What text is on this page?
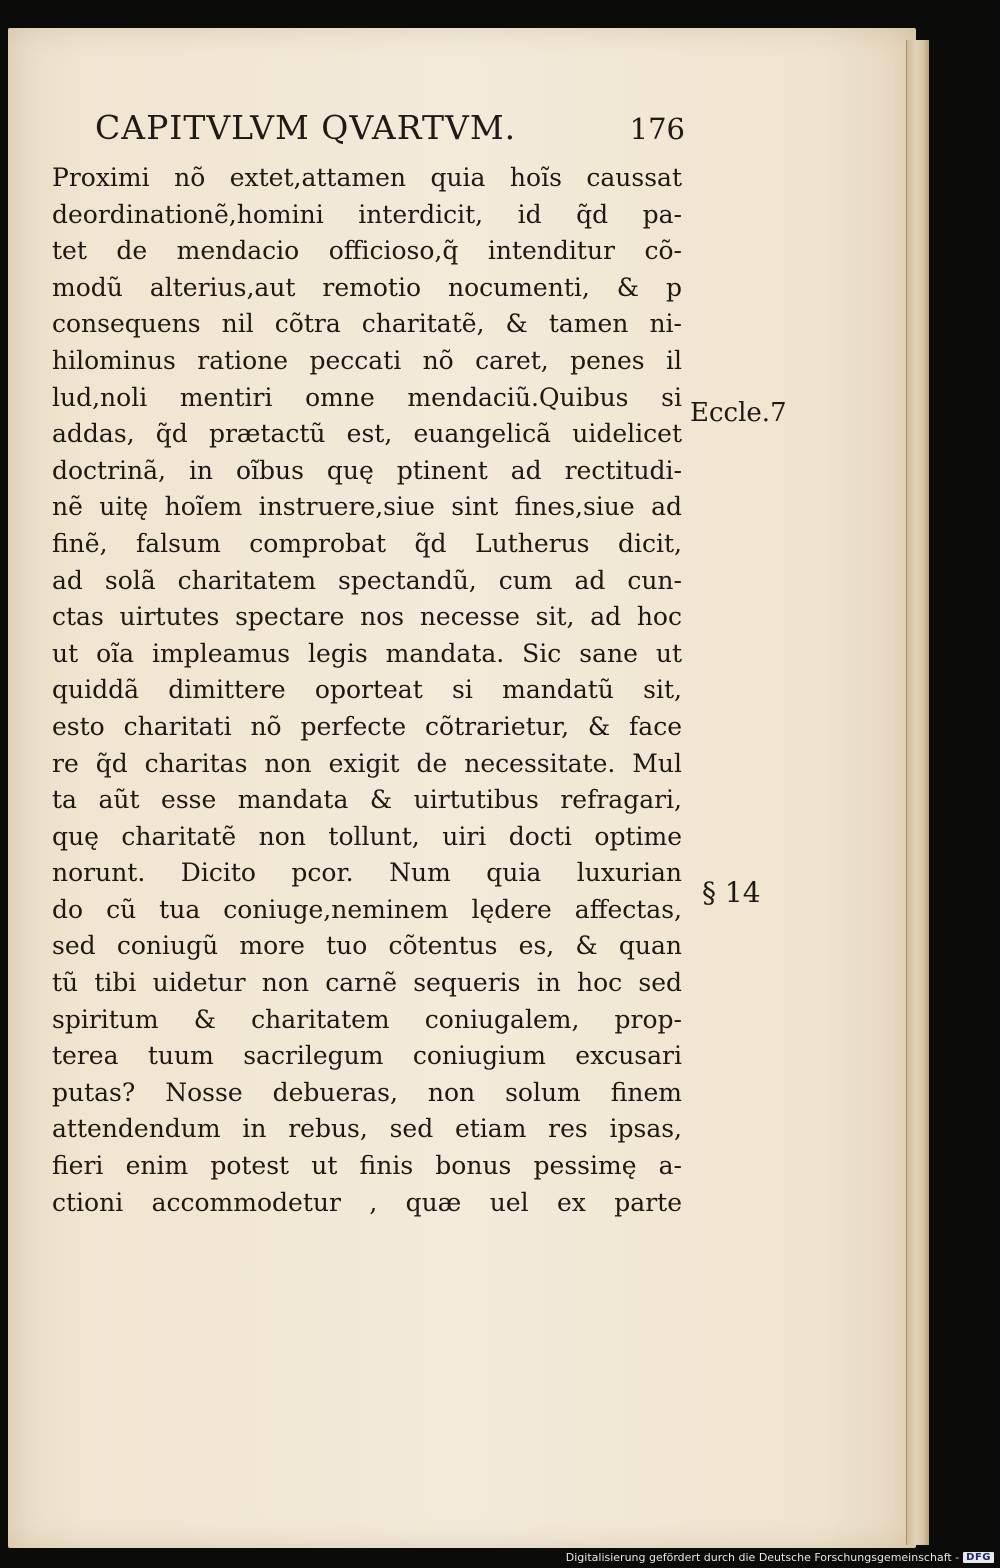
CAPITVLVM QVARTVM.	176
Proximi nõ extet,attamen quia hoĩs caussat
deordinationẽ,homini interdicit, id q̃d pa-
tet de mendacio officioso,q̃ intenditur cõ-
modũ alterius,aut remotio nocumenti, & p
consequens nil cõtra charitatẽ, & tamen ni-
hilominus ratione peccati nõ caret, penes il
lud,noli mentiri omne mendaciũ.Quibus si
addas, q̃d prætactũ est, euangelicã uidelicet
doctrinã, in oĩbus quę ptinent ad rectitudi-
nẽ uitę hoĩem instruere,siue sint fines,siue ad
finẽ, falsum comprobat q̃d Lutherus dicit,
ad solã charitatem spectandũ, cum ad cun-
ctas uirtutes spectare nos necesse sit, ad hoc
ut oĩa impleamus legis mandata. Sic sane ut
quiddã dimittere oporteat si mandatũ sit,
esto charitati nõ perfecte cõtrarietur, & face
re q̃d charitas non exigit de necessitate. Mul
ta aũt esse mandata & uirtutibus refragari,
quę charitatẽ non tollunt, uiri docti optime
norunt. Dicito pcor. Num quia luxurian
do cũ tua coniuge,neminem lędere affectas,
sed coniugũ more tuo cõtentus es, & quan
tũ tibi uidetur non carnẽ sequeris in hoc sed
spiritum & charitatem coniugalem, prop-
terea tuum sacrilegum coniugium excusari
putas? Nosse debueras, non solum finem
attendendum in rebus, sed etiam res ipsas,
fieri enim potest ut finis bonus pessimę a-
ctioni accommodetur , quæ uel ex parte
Eccle.7
§ 14
Digitalisierung gefördert durch die Deutsche Forschungsgemeinschaft - DFG
